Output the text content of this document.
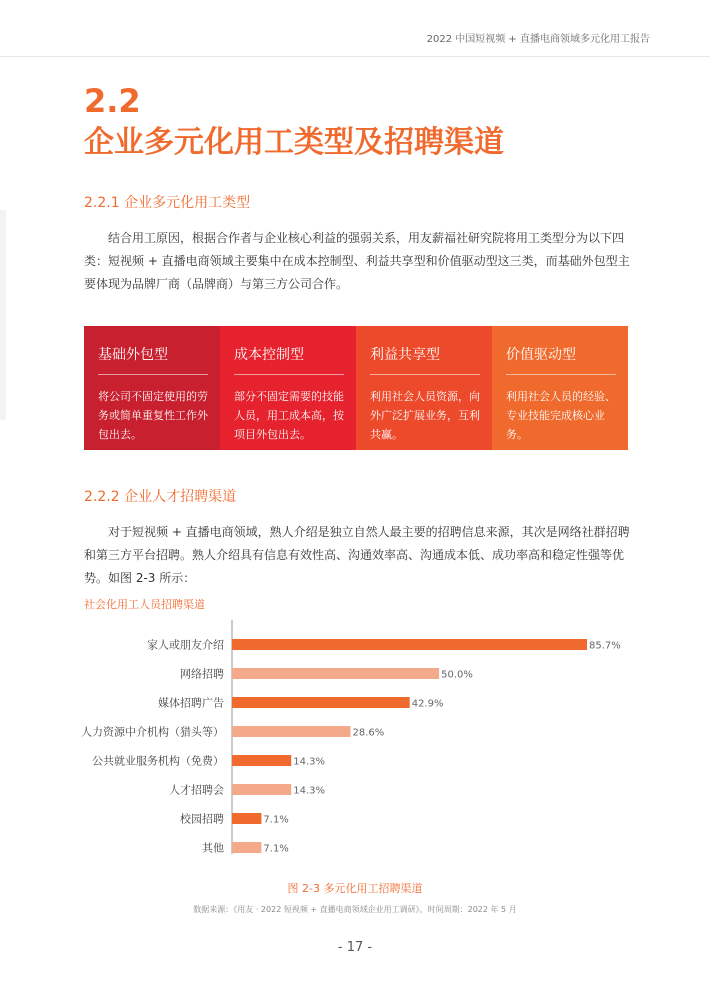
2022 中国短视频 + 直播电商领域多元化用工报告
2.2
企业多元化用工类型及招聘渠道
2.2.1 企业多元化用工类型
结合用工原因，根据合作者与企业核心利益的强弱关系，用友薪福社研究院将用工类型分为以下四类：短视频 + 直播电商领域主要集中在成本控制型、利益共享型和价值驱动型这三类，而基础外包型主要体现为品牌厂商（品牌商）与第三方公司合作。
基础外包型
将公司不固定使用的劳务或简单重复性工作外包出去。
成本控制型
部分不固定需要的技能人员，用工成本高，按项目外包出去。
利益共享型
利用社会人员资源，向外广泛扩展业务，互利共赢。
价值驱动型
利用社会人员的经验、专业技能完成核心业务。
2.2.2 企业人才招聘渠道
对于短视频 + 直播电商领域，熟人介绍是独立自然人最主要的招聘信息来源，其次是网络社群招聘和第三方平台招聘。熟人介绍具有信息有效性高、沟通效率高、沟通成本低、成功率高和稳定性强等优势。如图 2-3 所示：
社会化用工人员招聘渠道
家人或朋友介绍	85.7%
网络招聘	50.0%
媒体招聘广告	42.9%
人力资源中介机构（猎头等）	28.6%
公共就业服务机构（免费）	14.3%
人才招聘会	14.3%
校园招聘	7.1%
其他	7.1%
图 2-3 多元化用工招聘渠道
数据来源：《用友 · 2022 短视频 + 直播电商领域企业用工调研》，时间周期：2022 年 5 月
- 17 -
